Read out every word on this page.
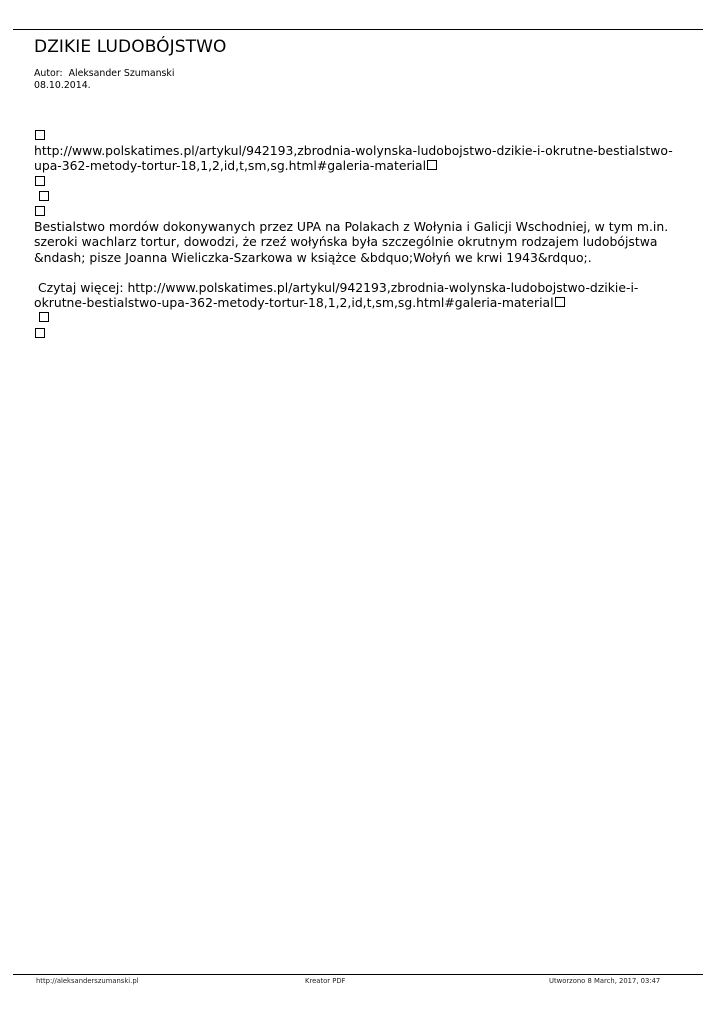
DZIKIE LUDOBÓJSTWO
Autor:  Aleksander Szumanski
08.10.2014.
http://www.polskatimes.pl/artykul/942193,zbrodnia-wolynska-ludobojstwo-dzikie-i-okrutne-bestialstwo-
upa-362-metody-tortur-18,1,2,id,t,sm,sg.html#galeria-material

Bestialstwo mordów dokonywanych przez UPA na Polakach z Wołynia i Galicji Wschodniej, w tym m.in.
szeroki wachlarz tortur, dowodzi, że rzeź wołyńska była szczególnie okrutnym rodzajem ludobójstwa
&ndash; pisze Joanna Wieliczka-Szarkowa w książce &bdquo;Wołyń we krwi 1943&rdquo;.
Czytaj więcej: http://www.polskatimes.pl/artykul/942193,zbrodnia-wolynska-ludobojstwo-dzikie-i-
okrutne-bestialstwo-upa-362-metody-tortur-18,1,2,id,t,sm,sg.html#galeria-material

http://aleksanderszumanski.pl	Kreator PDF	Utworzono 8 March, 2017, 03:47
